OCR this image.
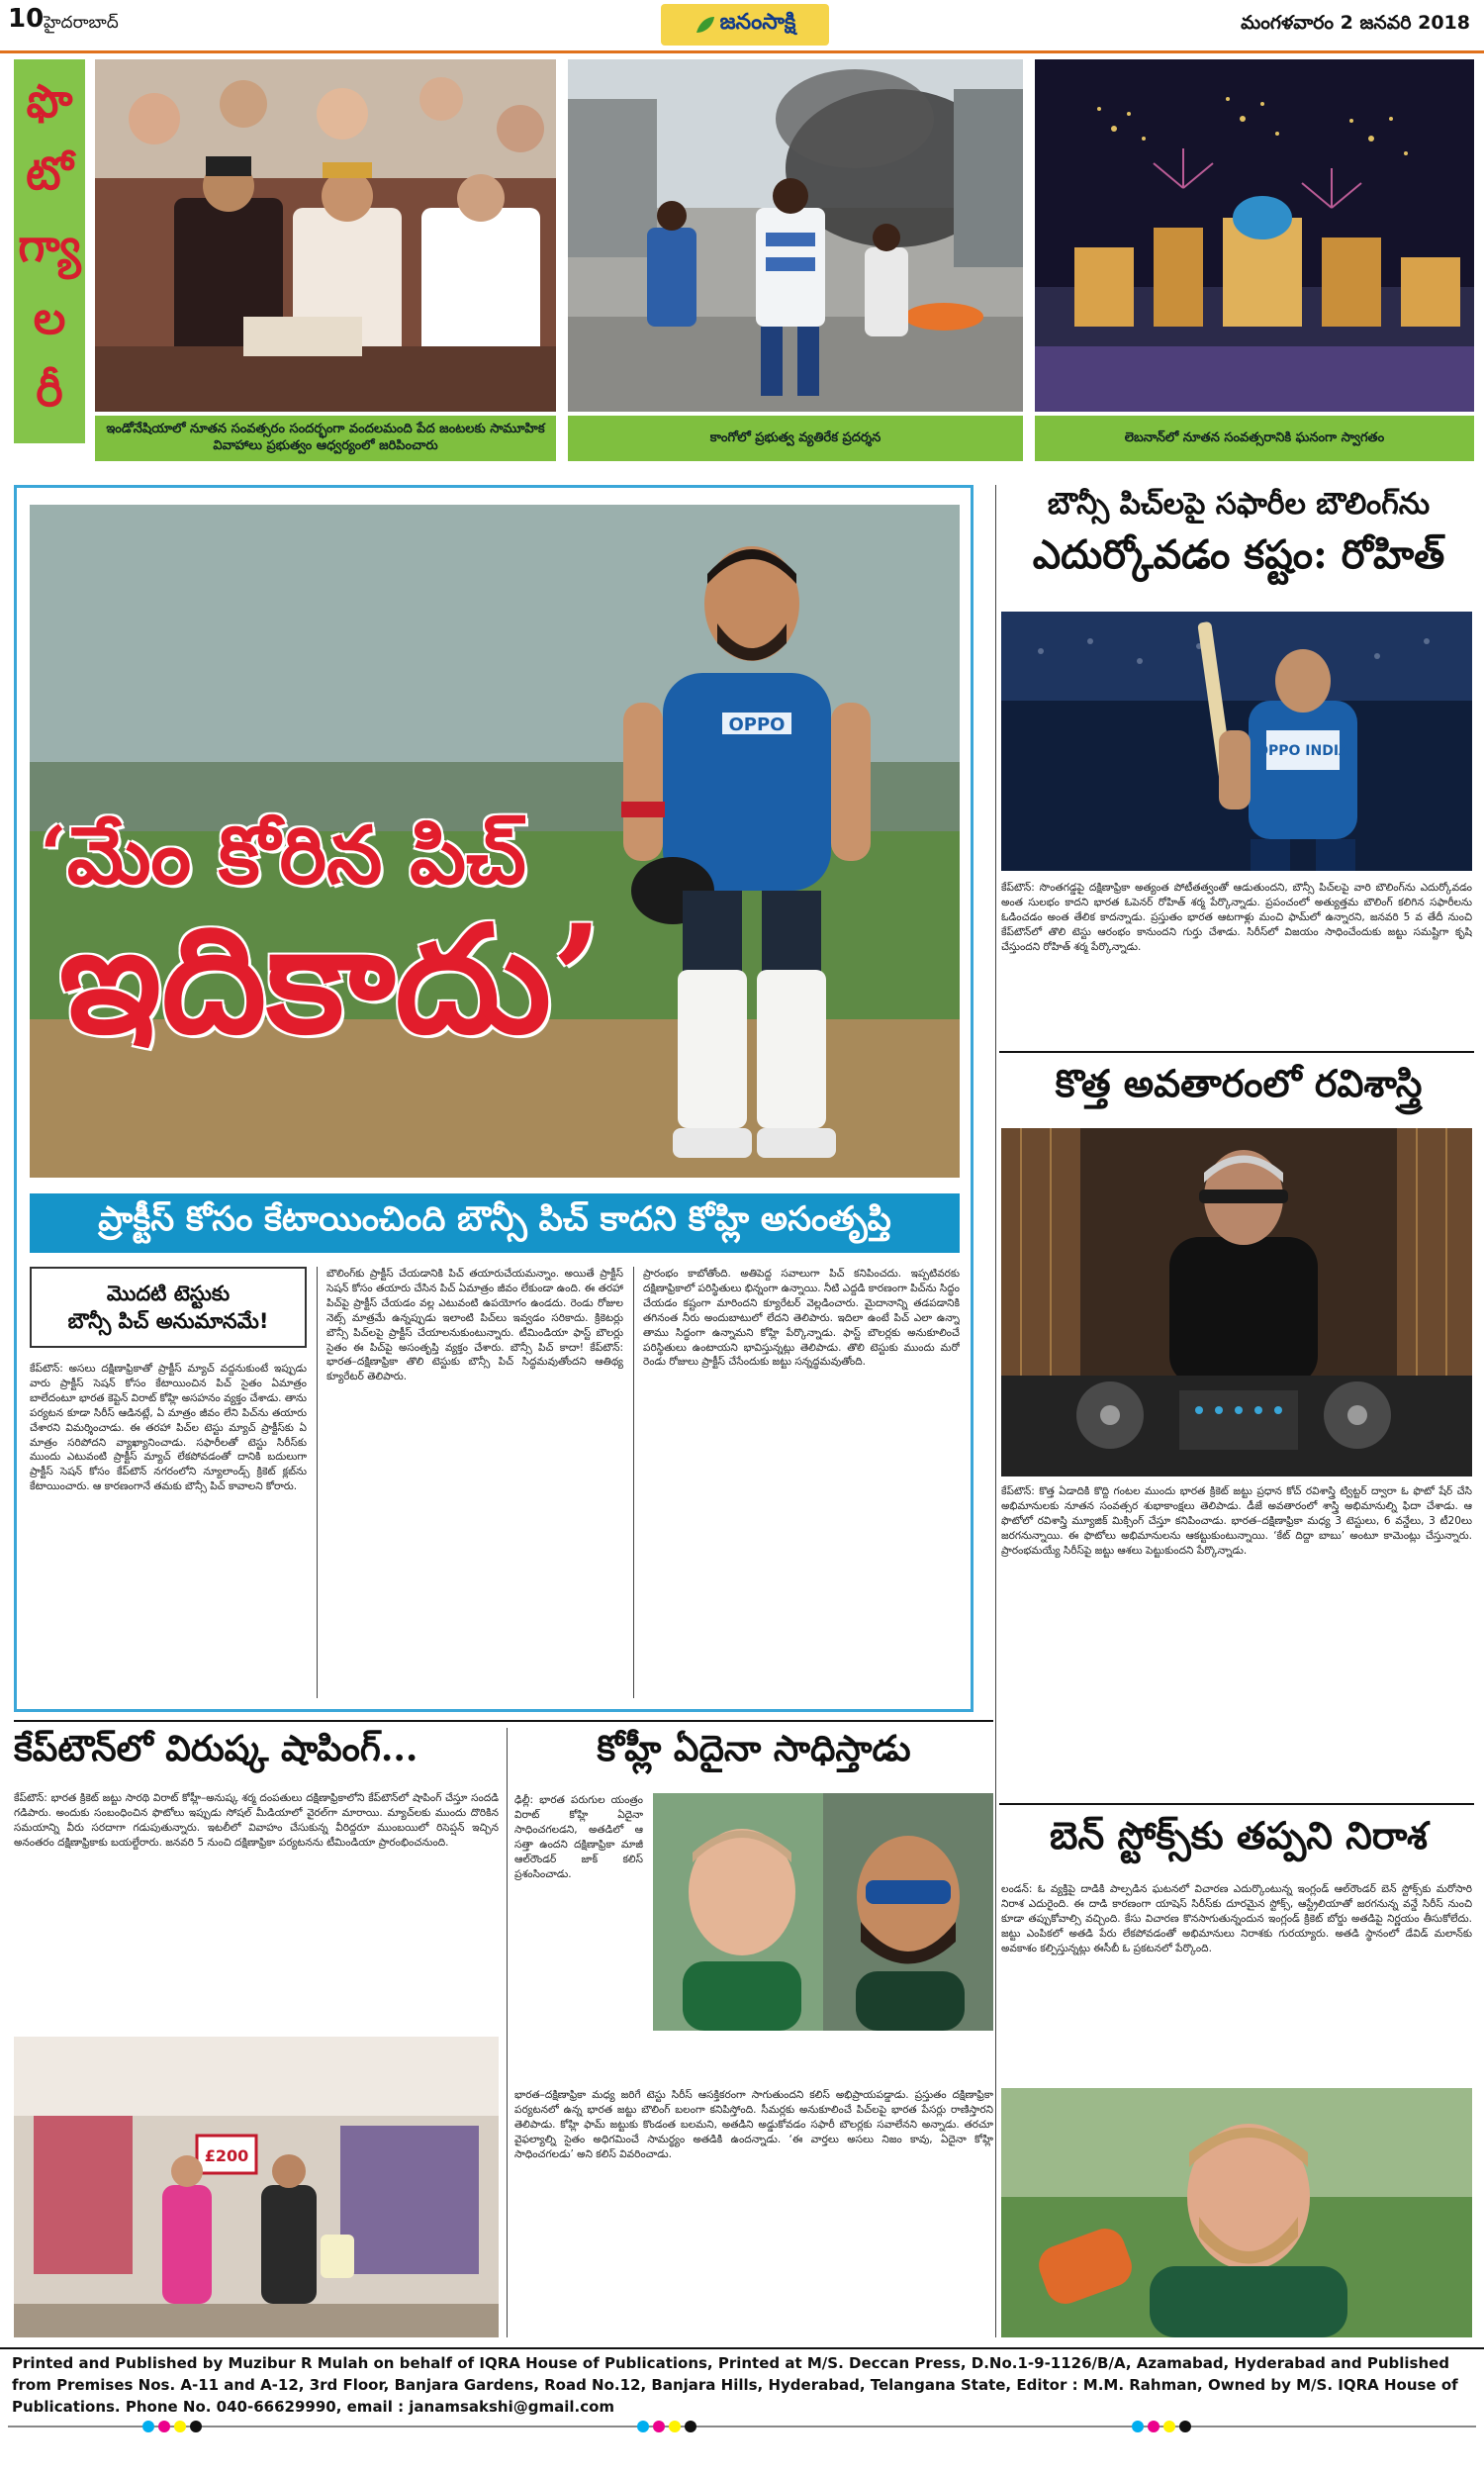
10 హైదరాబాద్	జనంసాక్షి	మంగళవారం 2 జనవరి 2018
ఫొ
టో
గ్యా
ల
రీ
ఇండోనేషియాలో నూతన సంవత్సరం సందర్భంగా వందలమంది పేద జంటలకు సామూహిక వివాహాలు ప్రభుత్వం ఆధ్వర్యంలో జరిపించారు
కాంగోలో ప్రభుత్వ వ్యతిరేక ప్రదర్శన	లెబనాన్‌లో నూతన సంవత్సరానికి ఘనంగా స్వాగతం
OPPO
‘మేం కోరిన పిచ్
ఇదికాదు’
ప్రాక్టీస్ కోసం కేటాయించింది బౌన్సీ పిచ్ కాదని కోహ్లి అసంతృప్తి
మొదటి టెస్టుకు
బౌన్సీ పిచ్ అనుమానమే!
కేప్‌టౌన్: అసలు దక్షిణాఫ్రికాతో ప్రాక్టీస్ మ్యాచ్ వద్దనుకుంటే ఇప్పుడు వారు ప్రాక్టీస్ సెషన్ కోసం కేటాయించిన పిచ్ సైతం ఏమాత్రం బాలేదంటూ భారత కెప్టెన్ విరాట్ కోహ్లి అసహనం వ్యక్తం చేశాడు. తాను పర్యటన కూడా సిరీస్ ఆడినట్లే, ఏ మాత్రం జీవం లేని పిచ్‌ను తయారు చేశారని విమర్శించాడు. ఈ తరహా పిచ్‌ల టెస్టు మ్యాచ్ ప్రాక్టీస్‌కు ఏ మాత్రం సరిపోదని వ్యాఖ్యానించాడు. సఫారీలతో టెస్టు సిరీస్‌కు ముందు ఎటువంటి ప్రాక్టీస్ మ్యాచ్ లేకపోవడంతో దానికి బదులుగా ప్రాక్టీస్ సెషన్ కోసం కేప్‌టౌన్ నగరంలోని న్యూలాండ్స్ క్రికెట్ క్లబ్‌ను కేటాయించారు. ఆ కారణంగానే తమకు బౌన్సీ పిచ్ కావాలని కోరారు.
బౌలింగ్‌కు ప్రాక్టీస్ చేయడానికి పిచ్ తయారుచేయమన్నాం. అయితే ప్రాక్టీస్ సెషన్ కోసం తయారు చేసిన పిచ్ ఏమాత్రం జీవం లేకుండా ఉంది. ఈ తరహా పిచ్‌పై ప్రాక్టీస్ చేయడం వల్ల ఎటువంటి ఉపయోగం ఉండదు. రెండు రోజుల నెట్స్ మాత్రమే ఉన్నప్పుడు ఇలాంటి పిచ్‌లు ఇవ్వడం సరికాదు. క్రికెటర్లు బౌన్సీ పిచ్‌లపై ప్రాక్టీస్ చేయాలనుకుంటున్నారు. టీమిండియా ఫాస్ట్ బౌలర్లు సైతం ఈ పిచ్‌పై అసంతృప్తి వ్యక్తం చేశారు. బౌన్సీ పిచ్ కాదా! కేప్‌టౌన్: భారత–దక్షిణాఫ్రికా తొలి టెస్టుకు బౌన్సీ పిచ్ సిద్ధమవుతోందని ఆతిథ్య క్యూరేటర్ తెలిపారు.
ప్రారంభం కాబోతోంది. అతిపెద్ద సవాలుగా పిచ్ కనిపించదు. ఇప్పటివరకు దక్షిణాఫ్రికాలో పరిస్థితులు భిన్నంగా ఉన్నాయి. నీటి ఎద్దడి కారణంగా పిచ్‌ను సిద్ధం చేయడం కష్టంగా మారిందని క్యూరేటర్ వెల్లడించారు. మైదానాన్ని తడపడానికి తగినంత నీరు అందుబాటులో లేదని తెలిపారు. ఇదిలా ఉంటే పిచ్ ఎలా ఉన్నా తాము సిద్ధంగా ఉన్నామని కోహ్లి పేర్కొన్నాడు. ఫాస్ట్ బౌలర్లకు అనుకూలించే పరిస్థితులు ఉంటాయని భావిస్తున్నట్లు తెలిపాడు. తొలి టెస్టుకు ముందు మరో రెండు రోజులు ప్రాక్టీస్ చేసేందుకు జట్టు సన్నద్ధమవుతోంది.
బౌన్సీ పిచ్‌లపై సఫారీల బౌలింగ్‌ను
ఎదుర్కోవడం కష్టం: రోహిత్
OPPO INDIA
కేప్‌టౌన్: సొంతగడ్డపై దక్షిణాఫ్రికా అత్యంత పోటీతత్వంతో ఆడుతుందని, బౌన్సీ పిచ్‌లపై వారి బౌలింగ్‌ను ఎదుర్కోవడం అంత సులభం కాదని భారత ఓపెనర్ రోహిత్ శర్మ పేర్కొన్నాడు. ప్రపంచంలో అత్యుత్తమ బౌలింగ్ కలిగిన సఫారీలను ఓడించడం అంత తేలిక కాదన్నాడు. ప్రస్తుతం భారత ఆటగాళ్లు మంచి ఫామ్‌లో ఉన్నారని, జనవరి 5 వ తేదీ నుంచి కేప్‌టౌన్‌లో తొలి టెస్టు ఆరంభం కానుందని గుర్తు చేశాడు. సిరీస్‌లో విజయం సాధించేందుకు జట్టు సమష్టిగా కృషి చేస్తుందని రోహిత్ శర్మ పేర్కొన్నాడు.
కొత్త అవతారంలో రవిశాస్త్రి
కేప్‌టౌన్: కొత్త ఏడాదికి కొద్ది గంటల ముందు భారత క్రికెట్ జట్టు ప్రధాన కోచ్ రవిశాస్త్రి ట్విట్టర్ ద్వారా ఓ ఫొటో షేర్ చేసి అభిమానులకు నూతన సంవత్సర శుభాకాంక్షలు తెలిపాడు. డీజే అవతారంలో శాస్త్రి అభిమానుల్ని ఫిదా చేశాడు. ఆ ఫొటోలో రవిశాస్త్రి మ్యూజిక్ మిక్సింగ్ చేస్తూ కనిపించాడు. భారత–దక్షిణాఫ్రికా మధ్య 3 టెస్టులు, 6 వన్డేలు, 3 టీ20లు జరగనున్నాయి. ఈ ఫొటోలు అభిమానులను ఆకట్టుకుంటున్నాయి. ‘కేట్ దిద్దా బాబు’ అంటూ కామెంట్లు చేస్తున్నారు. ప్రారంభమయ్యే సిరీస్‌పై జట్టు ఆశలు పెట్టుకుందని పేర్కొన్నాడు.
బెన్ స్టోక్స్‌కు తప్పని నిరాశ
లండన్: ఓ వ్యక్తిపై దాడికి పాల్పడిన ఘటనలో విచారణ ఎదుర్కొంటున్న ఇంగ్లండ్ ఆల్‌రౌండర్ బెన్ స్టోక్స్‌కు మరోసారి నిరాశ ఎదురైంది. ఈ దాడి కారణంగా యాషెస్ సిరీస్‌కు దూరమైన స్టోక్స్, ఆస్ట్రేలియాతో జరగనున్న వన్డే సిరీస్ నుంచి కూడా తప్పుకోవాల్సి వచ్చింది. కేసు విచారణ కొనసాగుతున్నందున ఇంగ్లండ్ క్రికెట్ బోర్డు అతడిపై నిర్ణయం తీసుకోలేదు. జట్టు ఎంపికలో అతడి పేరు లేకపోవడంతో అభిమానులు నిరాశకు గురయ్యారు. అతడి స్థానంలో డేవిడ్ మలాన్‌కు అవకాశం కల్పిస్తున్నట్లు ఈసీబీ ఓ ప్రకటనలో పేర్కొంది.
కేప్‌టౌన్‌లో విరుష్క షాపింగ్...
కేప్‌టౌన్: భారత క్రికెట్ జట్టు సారథి విరాట్ కోహ్లీ–అనుష్క శర్మ దంపతులు దక్షిణాఫ్రికాలోని కేప్‌టౌన్‌లో షాపింగ్ చేస్తూ సందడి గడిపారు. అందుకు సంబంధించిన ఫొటోలు ఇప్పుడు సోషల్ మీడియాలో వైరల్‌గా మారాయి. మ్యాచ్‌లకు ముందు దొరికిన సమయాన్ని వీరు సరదాగా గడుపుతున్నారు. ఇటలీలో వివాహం చేసుకున్న వీరిద్దరూ ముంబయిలో రిసెప్షన్ ఇచ్చిన అనంతరం దక్షిణాఫ్రికాకు బయల్దేరారు. జనవరి 5 నుంచి దక్షిణాఫ్రికా పర్యటనను టీమిండియా ప్రారంభించనుంది.
£200
కోహ్లీ ఏదైనా సాధిస్తాడు
ఢిల్లీ: భారత పరుగుల యంత్రం విరాట్ కోహ్లి ఏదైనా సాధించగలడని, అతడిలో ఆ సత్తా ఉందని దక్షిణాఫ్రికా మాజీ ఆల్‌రౌండర్ జాక్ కలిస్ ప్రశంసించాడు.
భారత–దక్షిణాఫ్రికా మధ్య జరిగే టెస్టు సిరీస్ ఆసక్తికరంగా సాగుతుందని కలిస్ అభిప్రాయపడ్డాడు. ప్రస్తుతం దక్షిణాఫ్రికా పర్యటనలో ఉన్న భారత జట్టు బౌలింగ్ బలంగా కనిపిస్తోంది. సీమర్లకు అనుకూలించే పిచ్‌లపై భారత పేసర్లు రాణిస్తారని తెలిపాడు. కోహ్లి ఫామ్ జట్టుకు కొండంత బలమని, అతడిని అడ్డుకోవడం సఫారీ బౌలర్లకు సవాలేనని అన్నాడు. తరచూ వైఫల్యాల్ని సైతం అధిగమించే సామర్థ్యం అతడికి ఉందన్నాడు. ‘ఈ వార్తలు అసలు నిజం కావు, ఏదైనా కోహ్లి సాధించగలడు’ అని కలిస్ వివరించాడు.
Printed and Published by Muzibur R Mulah on behalf of IQRA House of Publications, Printed at M/S. Deccan Press, D.No.1-9-1126/B/A, Azamabad, Hyderabad and Published from Premises Nos. A-11 and A-12, 3rd Floor, Banjara Gardens, Road No.12, Banjara Hills, Hyderabad, Telangana State, Editor : M.M. Rahman, Owned by M/S. IQRA House of Publications. Phone No. 040-66629990, email : janamsakshi@gmail.com
